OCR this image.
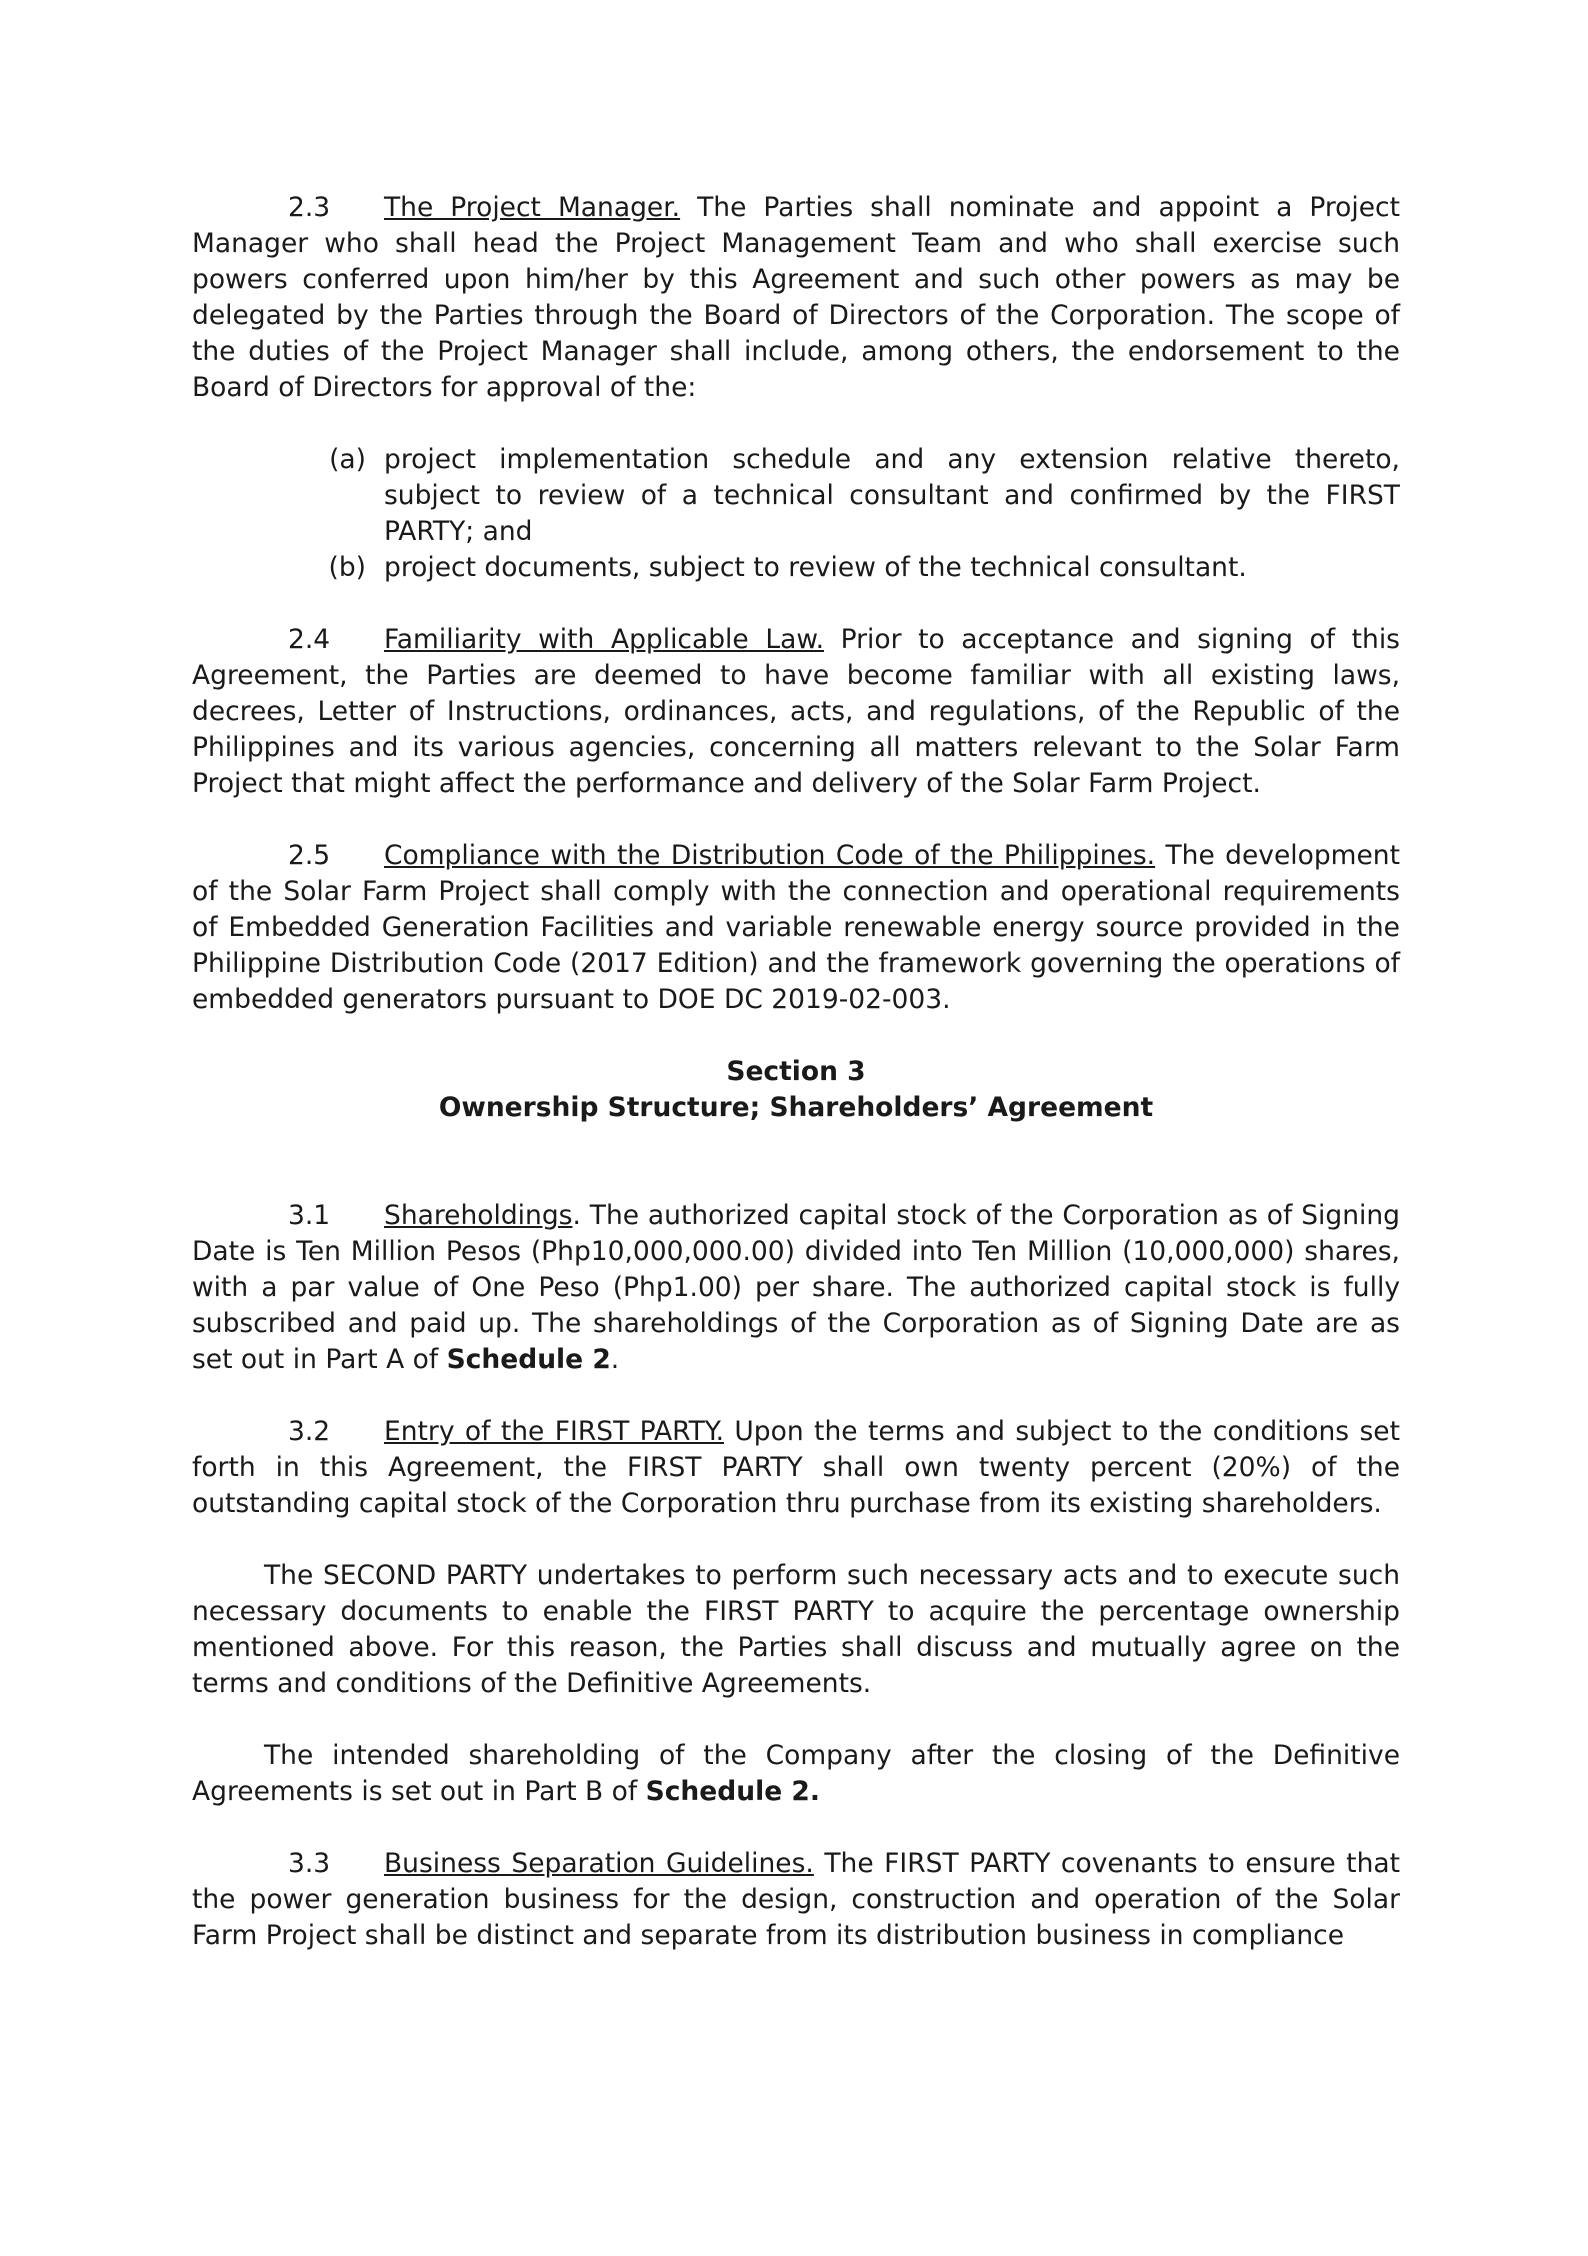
2.3 The Project Manager. The Parties shall nominate and appoint a Project Manager who shall head the Project Management Team and who shall exercise such powers conferred upon him/her by this Agreement and such other powers as may be delegated by the Parties through the Board of Directors of the Corporation. The scope of the duties of the Project Manager shall include, among others, the endorsement to the Board of Directors for approval of the:

(a) project implementation schedule and any extension relative thereto, subject to review of a technical consultant and confirmed by the FIRST PARTY; and
(b) project documents, subject to review of the technical consultant.

2.4 Familiarity with Applicable Law. Prior to acceptance and signing of this Agreement, the Parties are deemed to have become familiar with all existing laws, decrees, Letter of Instructions, ordinances, acts, and regulations, of the Republic of the Philippines and its various agencies, concerning all matters relevant to the Solar Farm Project that might affect the performance and delivery of the Solar Farm Project.

2.5 Compliance with the Distribution Code of the Philippines. The development of the Solar Farm Project shall comply with the connection and operational requirements of Embedded Generation Facilities and variable renewable energy source provided in the Philippine Distribution Code (2017 Edition) and the framework governing the operations of embedded generators pursuant to DOE DC 2019-02-003.

Section 3
Ownership Structure; Shareholders’ Agreement

3.1 Shareholdings. The authorized capital stock of the Corporation as of Signing Date is Ten Million Pesos (Php10,000,000.00) divided into Ten Million (10,000,000) shares, with a par value of One Peso (Php1.00) per share. The authorized capital stock is fully subscribed and paid up. The shareholdings of the Corporation as of Signing Date are as set out in Part A of Schedule 2.

3.2 Entry of the FIRST PARTY. Upon the terms and subject to the conditions set forth in this Agreement, the FIRST PARTY shall own twenty percent (20%) of the outstanding capital stock of the Corporation thru purchase from its existing shareholders.

The SECOND PARTY undertakes to perform such necessary acts and to execute such necessary documents to enable the FIRST PARTY to acquire the percentage ownership mentioned above. For this reason, the Parties shall discuss and mutually agree on the terms and conditions of the Definitive Agreements.

The intended shareholding of the Company after the closing of the Definitive Agreements is set out in Part B of Schedule 2.

3.3 Business Separation Guidelines. The FIRST PARTY covenants to ensure that the power generation business for the design, construction and operation of the Solar Farm Project shall be distinct and separate from its distribution business in compliance
